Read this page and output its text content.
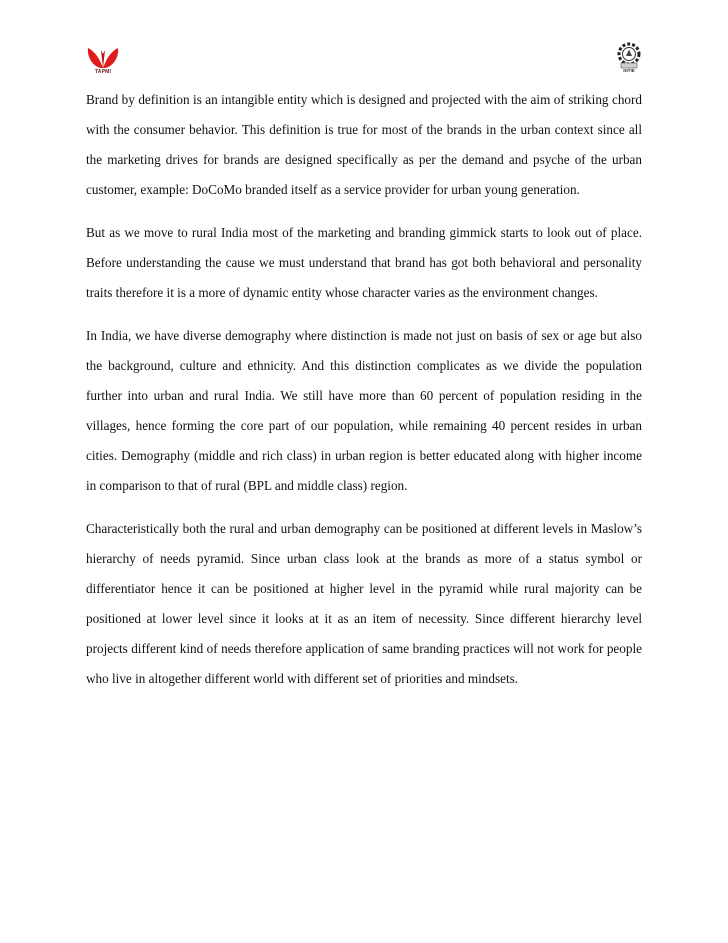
TAPMI	NITIE

Brand by definition is an intangible entity which is designed and projected with the aim of striking chord with the consumer behavior. This definition is true for most of the brands in the urban context since all the marketing drives for brands are designed specifically as per the demand and psyche of the urban customer, example: DoCoMo branded itself as a service provider for urban young generation.

But as we move to rural India most of the marketing and branding gimmick starts to look out of place. Before understanding the cause we must understand that brand has got both behavioral and personality traits therefore it is a more of dynamic entity whose character varies as the environment changes.

In India, we have diverse demography where distinction is made not just on basis of sex or age but also the background, culture and ethnicity. And this distinction complicates as we divide the population further into urban and rural India. We still have more than 60 percent of population residing in the villages, hence forming the core part of our population, while remaining 40 percent resides in urban cities. Demography (middle and rich class) in urban region is better educated along with higher income in comparison to that of rural (BPL and middle class) region.

Characteristically both the rural and urban demography can be positioned at different levels in Maslow’s hierarchy of needs pyramid. Since urban class look at the brands as more of a status symbol or differentiator hence it can be positioned at higher level in the pyramid while rural majority can be positioned at lower level since it looks at it as an item of necessity. Since different hierarchy level projects different kind of needs therefore application of same branding practices will not work for people who live in altogether different world with different set of priorities and mindsets.
